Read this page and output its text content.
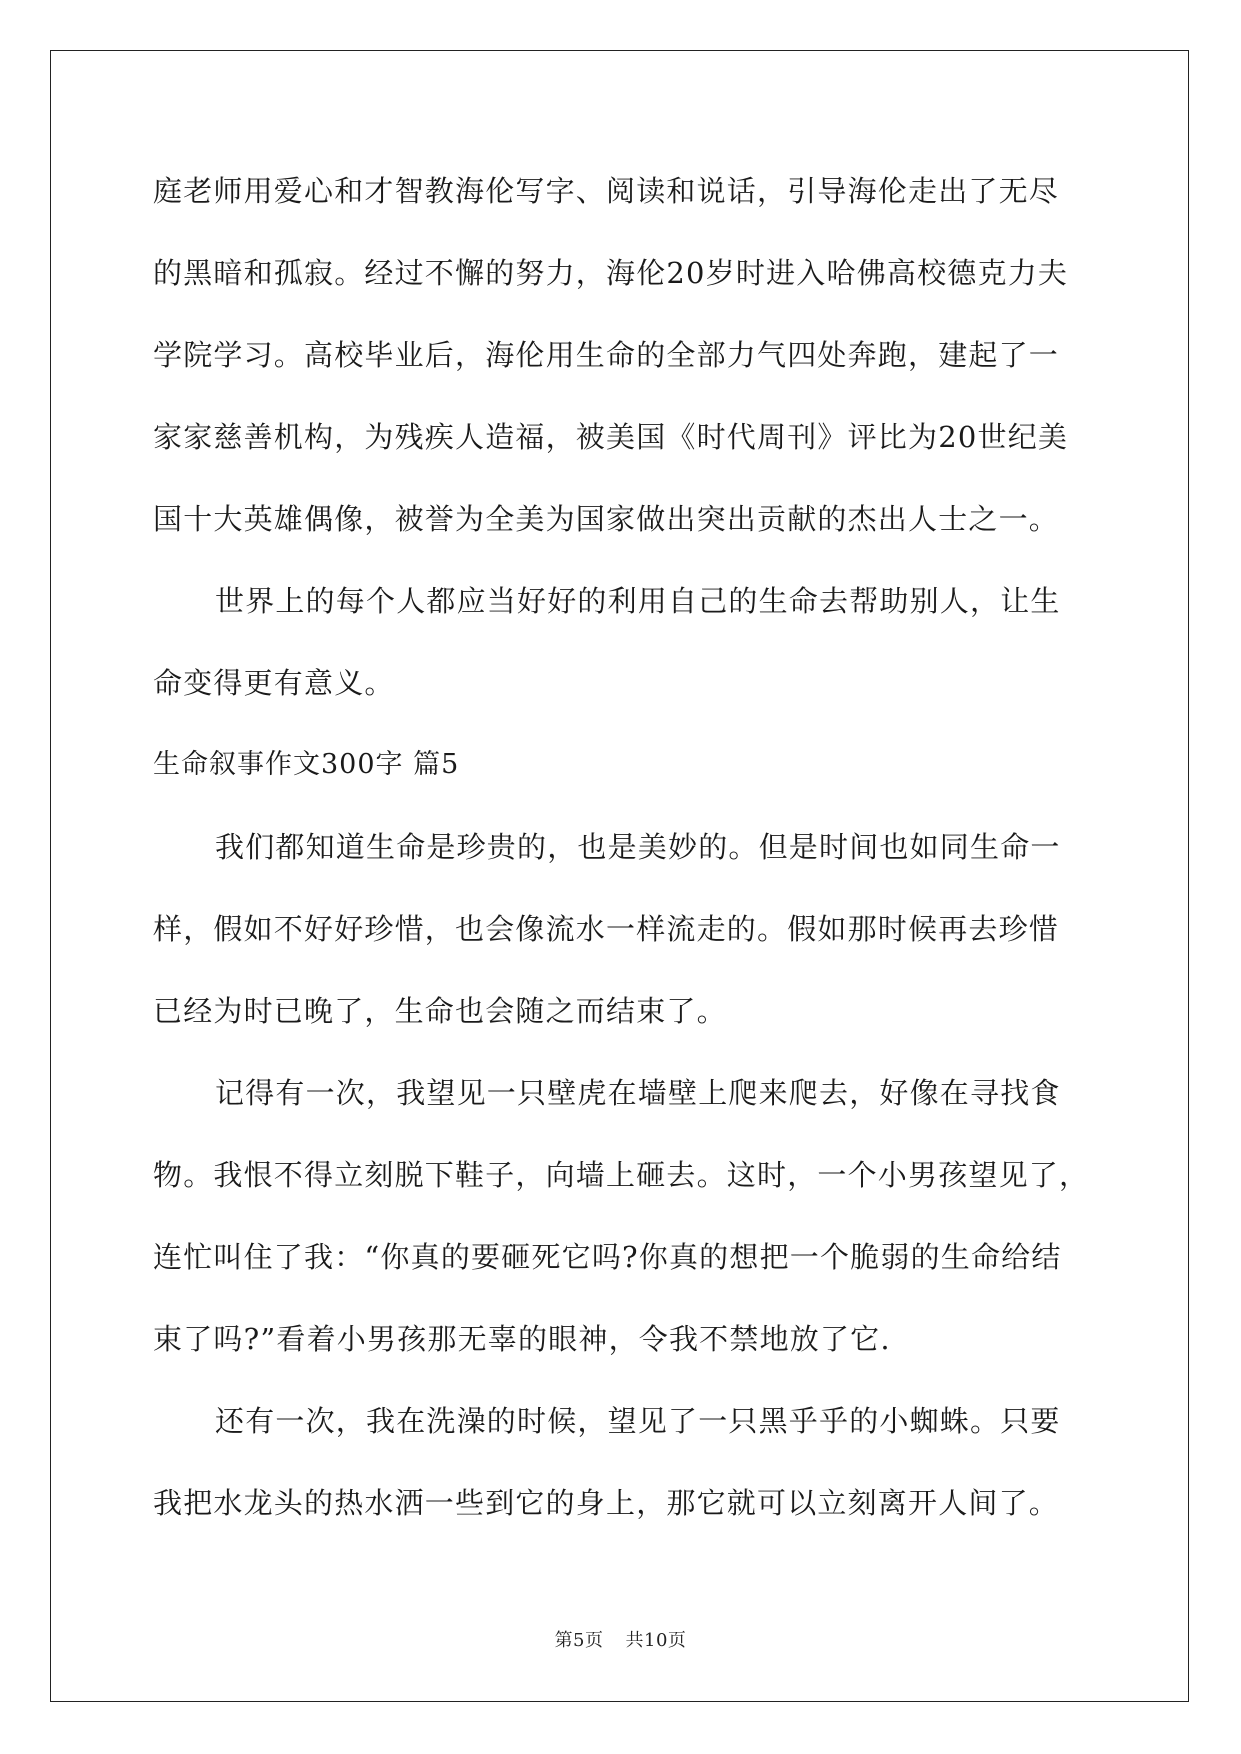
庭老师用爱心和才智教海伦写字、阅读和说话，引导海伦走出了无尽
的黑暗和孤寂。经过不懈的努力，海伦20岁时进入哈佛高校德克力夫
学院学习。高校毕业后，海伦用生命的全部力气四处奔跑，建起了一
家家慈善机构，为残疾人造福，被美国《时代周刊》评比为20世纪美
国十大英雄偶像，被誉为全美为国家做出突出贡献的杰出人士之一。
世界上的每个人都应当好好的利用自己的生命去帮助别人，让生
命变得更有意义。
生命叙事作文300字 篇5
我们都知道生命是珍贵的，也是美妙的。但是时间也如同生命一
样，假如不好好珍惜，也会像流水一样流走的。假如那时候再去珍惜
已经为时已晚了，生命也会随之而结束了。
记得有一次，我望见一只壁虎在墙壁上爬来爬去，好像在寻找食
物。我恨不得立刻脱下鞋子，向墙上砸去。这时，一个小男孩望见了，
连忙叫住了我：“你真的要砸死它吗?你真的想把一个脆弱的生命给结
束了吗?”看着小男孩那无辜的眼神，令我不禁地放了它.
还有一次，我在洗澡的时候，望见了一只黑乎乎的小蜘蛛。只要
我把水龙头的热水洒一些到它的身上，那它就可以立刻离开人间了。
第5页 共10页
